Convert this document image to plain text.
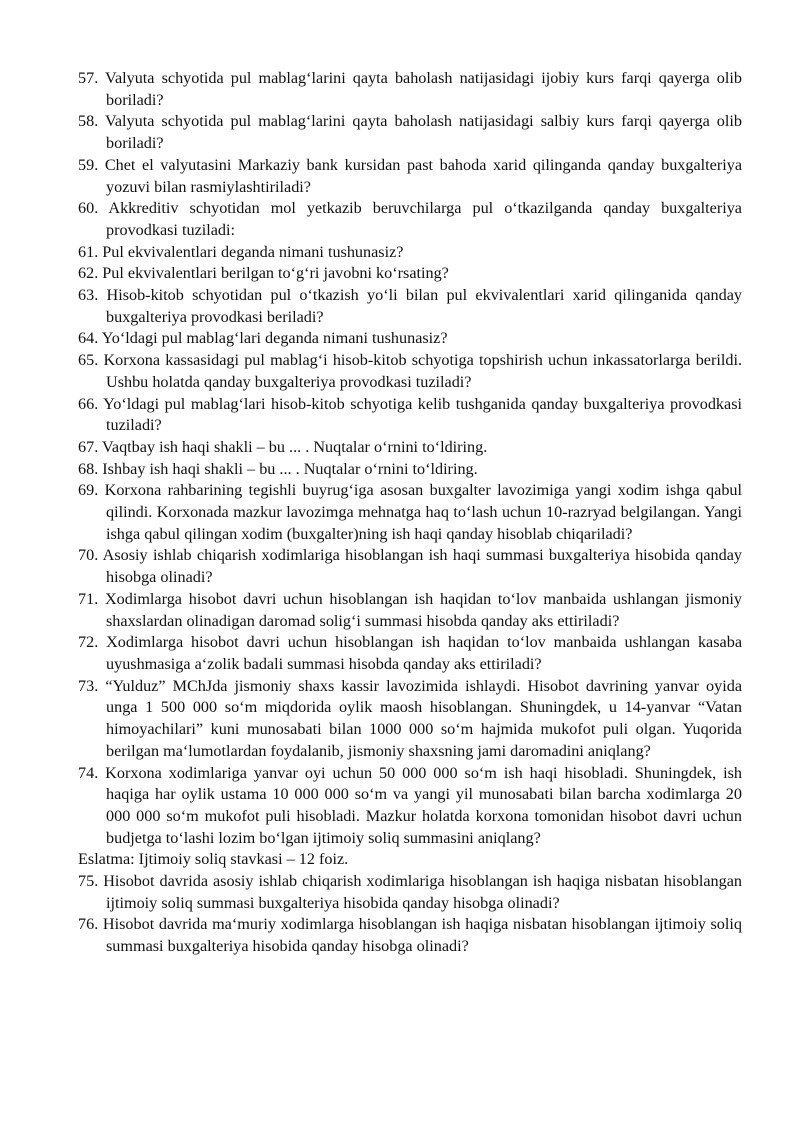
57. Valyuta schyotida pul mablag‘larini qayta baholash natijasidagi ijobiy kurs farqi qayerga olib boriladi?

58. Valyuta schyotida pul mablag‘larini qayta baholash natijasidagi salbiy kurs farqi qayerga olib boriladi?

59. Chet el valyutasini Markaziy bank kursidan past bahoda xarid qilinganda qanday buxgalteriya yozuvi bilan rasmiylashtiriladi?

60. Akkreditiv schyotidan mol yetkazib beruvchilarga pul o‘tkazilganda qanday buxgalteriya provodkasi tuziladi:

61. Pul ekvivalentlari deganda nimani tushunasiz?

62. Pul ekvivalentlari berilgan to‘g‘ri javobni ko‘rsating?

63. Hisob-kitob schyotidan pul o‘tkazish yo‘li bilan pul ekvivalentlari xarid qilinganida qanday buxgalteriya provodkasi beriladi?

64. Yo‘ldagi pul mablag‘lari deganda nimani tushunasiz?

65. Korxona kassasidagi pul mablag‘i hisob-kitob schyotiga topshirish uchun inkassatorlarga berildi. Ushbu holatda qanday buxgalteriya provodkasi tuziladi?

66. Yo‘ldagi pul mablag‘lari hisob-kitob schyotiga kelib tushganida qanday buxgalteriya provodkasi tuziladi?

67. Vaqtbay ish haqi shakli – bu ... . Nuqtalar o‘rnini to‘ldiring.

68. Ishbay ish haqi shakli – bu ... . Nuqtalar o‘rnini to‘ldiring.

69. Korxona rahbarining tegishli buyrug‘iga asosan buxgalter lavozimiga yangi xodim ishga qabul qilindi. Korxonada mazkur lavozimga mehnatga haq to‘lash uchun 10-razryad belgilangan. Yangi ishga qabul qilingan xodim (buxgalter)ning ish haqi qanday hisoblab chiqariladi?

70. Asosiy ishlab chiqarish xodimlariga hisoblangan ish haqi summasi buxgalteriya hisobida qanday hisobga olinadi?

71. Xodimlarga hisobot davri uchun hisoblangan ish haqidan to‘lov manbaida ushlangan jismoniy shaxslardan olinadigan daromad solig‘i summasi hisobda qanday aks ettiriladi?

72. Xodimlarga hisobot davri uchun hisoblangan ish haqidan to‘lov manbaida ushlangan kasaba uyushmasiga a‘zolik badali summasi hisobda qanday aks ettiriladi?

73. “Yulduz” MChJda jismoniy shaxs kassir lavozimida ishlaydi. Hisobot davrining yanvar oyida unga 1 500 000 so‘m miqdorida oylik maosh hisoblangan. Shuningdek, u 14-yanvar “Vatan himoyachilari” kuni munosabati bilan 1000 000 so‘m hajmida mukofot puli olgan. Yuqorida berilgan ma‘lumotlardan foydalanib, jismoniy shaxsning jami daromadini aniqlang?

74. Korxona xodimlariga yanvar oyi uchun 50 000 000 so‘m ish haqi hisobladi. Shuningdek, ish haqiga har oylik ustama 10 000 000 so‘m va yangi yil munosabati bilan barcha xodimlarga 20 000 000 so‘m mukofot puli hisobladi. Mazkur holatda korxona tomonidan hisobot davri uchun budjetga to‘lashi lozim bo‘lgan ijtimoiy soliq summasini aniqlang?

Eslatma: Ijtimoiy soliq stavkasi – 12 foiz.

75. Hisobot davrida asosiy ishlab chiqarish xodimlariga hisoblangan ish haqiga nisbatan hisoblangan ijtimoiy soliq summasi buxgalteriya hisobida qanday hisobga olinadi?

76. Hisobot davrida ma‘muriy xodimlarga hisoblangan ish haqiga nisbatan hisoblangan ijtimoiy soliq summasi buxgalteriya hisobida qanday hisobga olinadi?
